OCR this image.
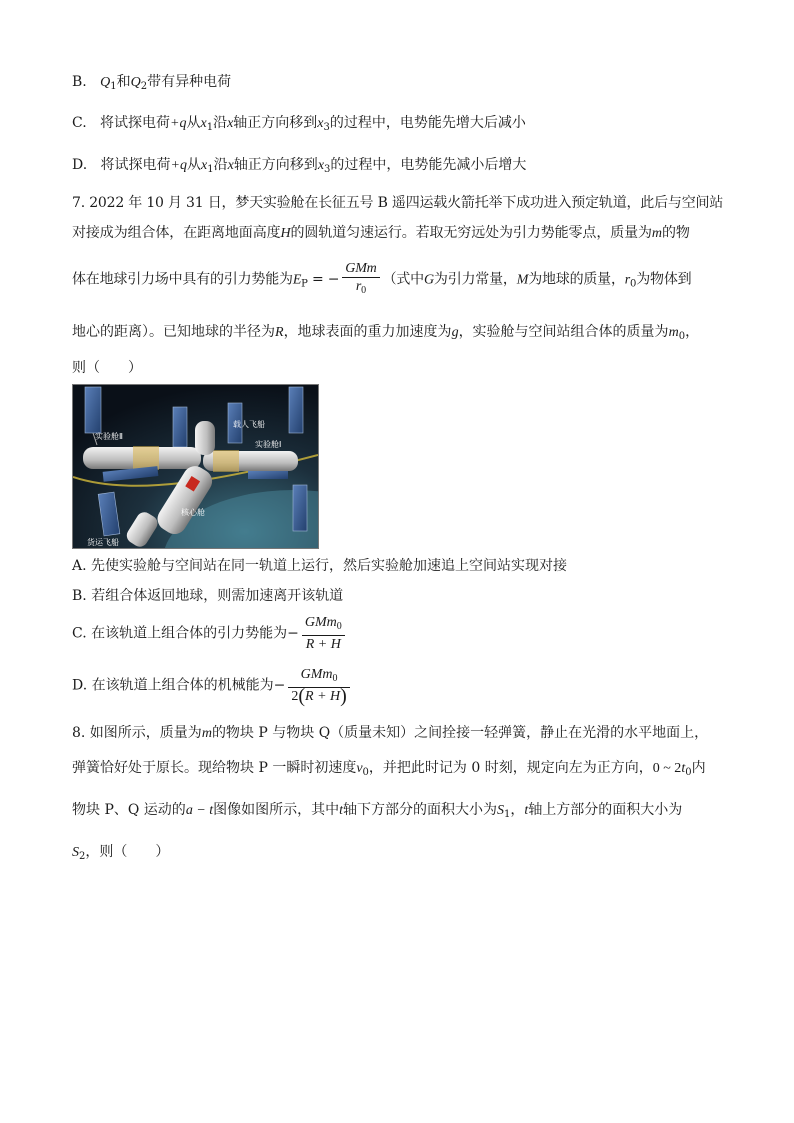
B. $Q_1$和$Q_2$带有异种电荷
C. 将试探电荷+q从$x_1$沿x轴正方向移到$x_3$的过程中，电势能先增大后减小
D. 将试探电荷+q从$x_1$沿x轴正方向移到$x_3$的过程中，电势能先减小后增大
7. 2022 年 10 月 31 日，梦天实验舱在长征五号 B 遥四运载火箭托举下成功进入预定轨道，此后与空间站
对接成为组合体，在距离地面高度H的圆轨道匀速运行。若取无穷远处为引力势能零点，质量为m的物
体在地球引力场中具有的引力势能为$E_P$ = − $\frac{\text{GMm}}{r_0}$ （式中G为引力常量，M为地球的质量，$r_0$为物体到
地心的距离）。已知地球的半径为R，地球表面的重力加速度为g，实验舱与空间站组合体的质量为$m_0$，
则（　　）
实验舱Ⅱ
载人飞船
实验舱Ⅰ
核心舱
货运飞船
A. 先使实验舱与空间站在同一轨道上运行，然后实验舱加速追上空间站实现对接
B. 若组合体返回地球，则需加速离开该轨道
C. 在该轨道上组合体的引力势能为− $\frac{GMm_0}{R + H}$
D. 在该轨道上组合体的机械能为− $\frac{GMm_0}{2(R + H)}$
8. 如图所示，质量为m的物块 P 与物块 Q（质量未知）之间拴接一轻弹簧，静止在光滑的水平地面上，
弹簧恰好处于原长。现给物块 P 一瞬时初速度$v_0$，并把此时记为 0 时刻，规定向左为正方向，0 ~ $2t_0$内
物块 P、Q 运动的a − t图像如图所示，其中t轴下方部分的面积大小为$S_1$，t轴上方部分的面积大小为
$S_2$，则（　　）
